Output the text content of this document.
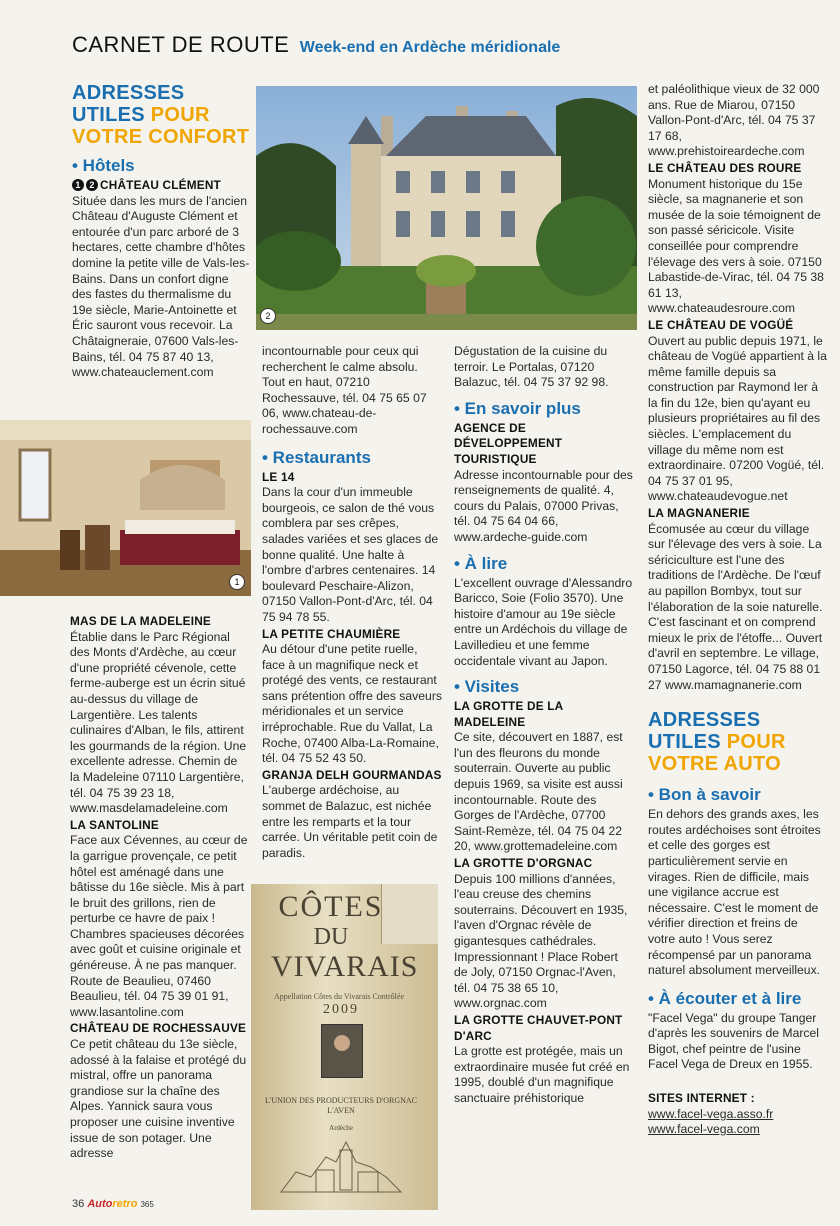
CARNET DE ROUTE Week-end en Ardèche méridionale
ADRESSES
UTILES POUR
VOTRE CONFORT
• Hôtels

1 2 CHÂTEAU CLÉMENT

Située dans les murs de l'ancien Château d'Auguste Clément et entourée d'un parc arboré de 3 hectares, cette chambre d'hôtes domine la petite ville de Vals-les-Bains. Dans un confort digne des fastes du thermalisme du 19e siècle, Marie-Antoinette et Éric sauront vous recevoir. La Châtaigneraie, 07600 Vals-les-Bains, tél. 04 75 87 40 13, www.chateauclement.com

2
1

MAS DE LA MADELEINE

Établie dans le Parc Régional des Monts d'Ardèche, au cœur d'une propriété cévenole, cette ferme-auberge est un écrin situé au-dessus du village de Largentière. Les talents culinaires d'Alban, le fils, attirent les gourmands de la région. Une excellente adresse. Chemin de la Madeleine 07110 Largentière, tél. 04 75 39 23 18, www.masdelamadeleine.com

LA SANTOLINE

Face aux Cévennes, au cœur de la garrigue provençale, ce petit hôtel est aménagé dans une bâtisse du 16e siècle. Mis à part le bruit des grillons, rien de perturbe ce havre de paix ! Chambres spacieuses décorées avec goût et cuisine originale et généreuse. À ne pas manquer. Route de Beaulieu, 07460 Beaulieu, tél. 04 75 39 01 91, www.lasantoline.com

CHÂTEAU DE ROCHESSAUVE

Ce petit château du 13e siècle, adossé à la falaise et protégé du mistral, offre un panorama grandiose sur la chaîne des Alpes. Yannick saura vous proposer une cuisine inventive issue de son potager. Une adresse

incontournable pour ceux qui recherchent le calme absolu. Tout en haut, 07210 Rochessauve, tél. 04 75 65 07 06, www.chateau-de-rochessauve.com

• Restaurants

LE 14

Dans la cour d'un immeuble bourgeois, ce salon de thé vous comblera par ses crêpes, salades variées et ses glaces de bonne qualité. Une halte à l'ombre d'arbres centenaires. 14 boulevard Peschaire-Alizon, 07150 Vallon-Pont-d'Arc, tél. 04 75 94 78 55.

LA PETITE CHAUMIÈRE

Au détour d'une petite ruelle, face à un magnifique neck et protégé des vents, ce restaurant sans prétention offre des saveurs méridionales et un service irréprochable. Rue du Vallat, La Roche, 07400 Alba-La-Romaine, tél. 04 75 52 43 50.

GRANJA DELH GOURMANDAS

L'auberge ardéchoise, au sommet de Balazuc, est nichée entre les remparts et la tour carrée. Un véritable petit coin de paradis.

CÔTES
DU
VIVARAIS
Appellation Côtes du Vivarais Contrôlée
2009
L'UNION DES PRODUCTEURS D'ORGNAC L'AVEN
Ardèche

Dégustation de la cuisine du terroir. Le Portalas, 07120 Balazuc, tél. 04 75 37 92 98.

• En savoir plus

AGENCE DE DÉVELOPPEMENT TOURISTIQUE

Adresse incontournable pour des renseignements de qualité. 4, cours du Palais, 07000 Privas, tél. 04 75 64 04 66, www.ardeche-guide.com

• À lire

L'excellent ouvrage d'Alessandro Baricco, Soie (Folio 3570). Une histoire d'amour au 19e siècle entre un Ardéchois du village de Lavilledieu et une femme occidentale vivant au Japon.

• Visites

LA GROTTE DE LA MADELEINE

Ce site, découvert en 1887, est l'un des fleurons du monde souterrain. Ouverte au public depuis 1969, sa visite est aussi incontournable. Route des Gorges de l'Ardèche, 07700 Saint-Remèze, tél. 04 75 04 22 20, www.grottemadeleine.com

LA GROTTE D'ORGNAC

Depuis 100 millions d'années, l'eau creuse des chemins souterrains. Découvert en 1935, l'aven d'Orgnac révèle de gigantesques cathédrales. Impressionnant ! Place Robert de Joly, 07150 Orgnac-l'Aven, tél. 04 75 38 65 10, www.orgnac.com

LA GROTTE CHAUVET-PONT D'ARC

La grotte est protégée, mais un extraordinaire musée fut créé en 1995, doublé d'un magnifique sanctuaire préhistorique

et paléolithique vieux de 32 000 ans. Rue de Miarou, 07150 Vallon-Pont-d'Arc, tél. 04 75 37 17 68, www.prehistoireardeche.com

LE CHÂTEAU DES ROURE

Monument historique du 15e siècle, sa magnanerie et son musée de la soie témoignent de son passé séricicole. Visite conseillée pour comprendre l'élevage des vers à soie. 07150 Labastide-de-Virac, tél. 04 75 38 61 13, www.chateaudesroure.com

LE CHÂTEAU DE VOGÜÉ

Ouvert au public depuis 1971, le château de Vogüé appartient à la même famille depuis sa construction par Raymond Ier à la fin du 12e, bien qu'ayant eu plusieurs propriétaires au fil des siècles. L'emplacement du village du même nom est extraordinaire. 07200 Vogüé, tél. 04 75 37 01 95, www.chateaudevogue.net

LA MAGNANERIE

Écomusée au cœur du village sur l'élevage des vers à soie. La sériciculture est l'une des traditions de l'Ardèche. De l'œuf au papillon Bombyx, tout sur l'élaboration de la soie naturelle. C'est fascinant et on comprend mieux le prix de l'étoffe... Ouvert d'avril en septembre. Le village, 07150 Lagorce, tél. 04 75 88 01 27 www.mamagnanerie.com

ADRESSES
UTILES POUR
VOTRE AUTO
• Bon à savoir

En dehors des grands axes, les routes ardéchoises sont étroites et celle des gorges est particulièrement servie en virages. Rien de difficile, mais une vigilance accrue est nécessaire. C'est le moment de vérifier direction et freins de votre auto ! Vous serez récompensé par un panorama naturel absolument merveilleux.

• À écouter et à lire

"Facel Vega" du groupe Tanger d'après les souvenirs de Marcel Bigot, chef peintre de l'usine Facel Vega de Dreux en 1955.

SITES INTERNET :

www.facel-vega.asso.fr

www.facel-vega.com

36 Autoretro 365
